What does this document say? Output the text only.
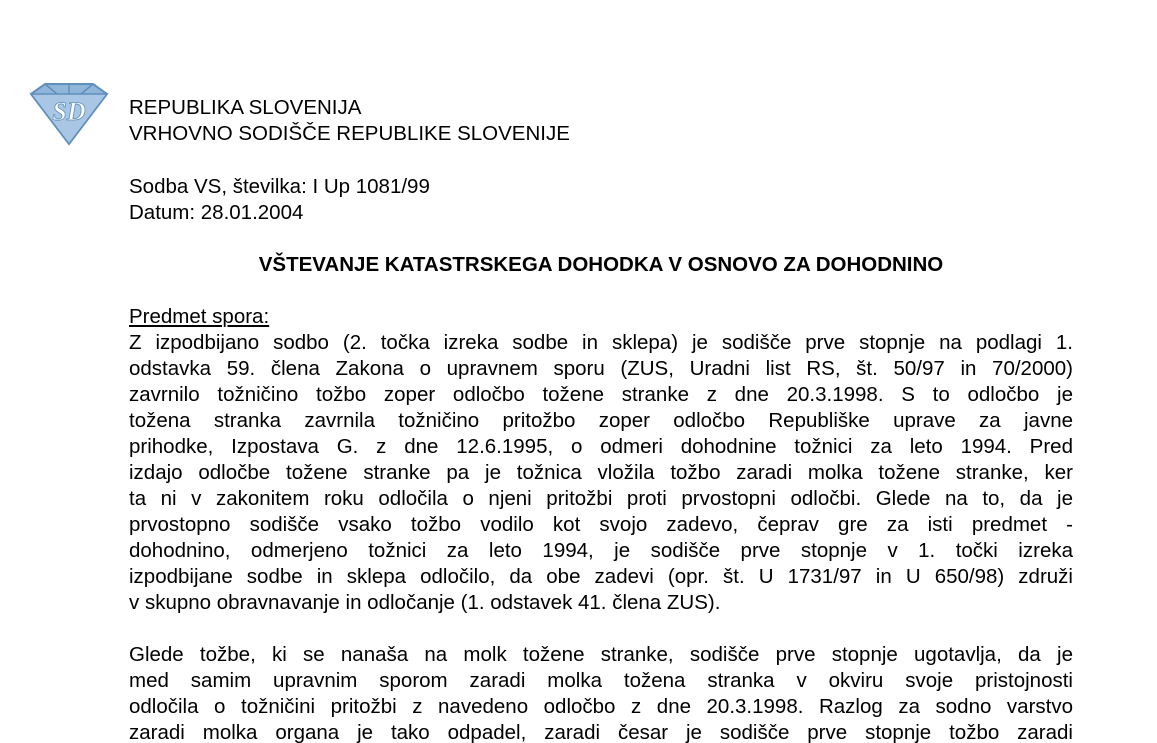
SD REPUBLIKA SLOVENIJA
VRHOVNO SODIŠČE REPUBLIKE SLOVENIJE
Sodba VS, številka: I Up 1081/99
Datum: 28.01.2004
VŠTEVANJE KATASTRSKEGA DOHODKA V OSNOVO ZA DOHODNINO
Predmet spora:
Z izpodbijano sodbo (2. točka izreka sodbe in sklepa) je sodišče prve stopnje na podlagi 1.
odstavka 59. člena Zakona o upravnem sporu (ZUS, Uradni list RS, št. 50/97 in 70/2000)
zavrnilo tožničino tožbo zoper odločbo tožene stranke z dne 20.3.1998. S to odločbo je
tožena stranka zavrnila tožničino pritožbo zoper odločbo Republiške uprave za javne
prihodke, Izpostava G. z dne 12.6.1995, o odmeri dohodnine tožnici za leto 1994. Pred
izdajo odločbe tožene stranke pa je tožnica vložila tožbo zaradi molka tožene stranke, ker
ta ni v zakonitem roku odločila o njeni pritožbi proti prvostopni odločbi. Glede na to, da je
prvostopno sodišče vsako tožbo vodilo kot svojo zadevo, čeprav gre za isti predmet -
dohodnino, odmerjeno tožnici za leto 1994, je sodišče prve stopnje v 1. točki izreka
izpodbijane sodbe in sklepa odločilo, da obe zadevi (opr. št. U 1731/97 in U 650/98) združi
v skupno obravnavanje in odločanje (1. odstavek 41. člena ZUS).
Glede tožbe, ki se nanaša na molk tožene stranke, sodišče prve stopnje ugotavlja, da je
med samim upravnim sporom zaradi molka tožena stranka v okviru svoje pristojnosti
odločila o tožničini pritožbi z navedeno odločbo z dne 20.3.1998. Razlog za sodno varstvo
zaradi molka organa je tako odpadel, zaradi česar je sodišče prve stopnje tožbo zaradi
